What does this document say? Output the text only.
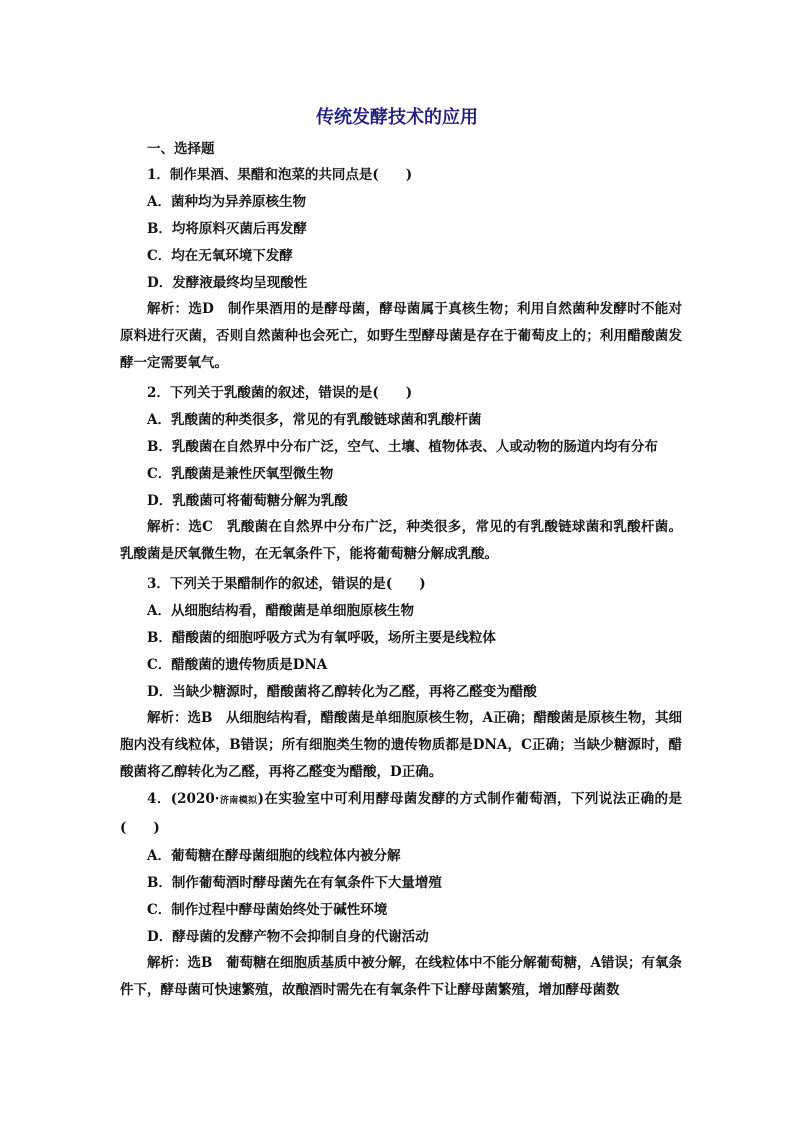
传统发酵技术的应用
一、选择题
1．制作果酒、果醋和泡菜的共同点是(　　)
A．菌种均为异养原核生物
B．均将原料灭菌后再发酵
C．均在无氧环境下发酵
D．发酵液最终均呈现酸性
解析：选D　 制作果酒用的是酵母菌，酵母菌属于真核生物；利用自然菌种发酵时不能对原料进行灭菌，否则自然菌种也会死亡，如野生型酵母菌是存在于葡萄皮上的；利用醋酸菌发酵一定需要氧气。
2．下列关于乳酸菌的叙述，错误的是(　　)
A．乳酸菌的种类很多，常见的有乳酸链球菌和乳酸杆菌
B．乳酸菌在自然界中分布广泛，空气、土壤、植物体表、人或动物的肠道内均有分布
C．乳酸菌是兼性厌氧型微生物
D．乳酸菌可将葡萄糖分解为乳酸
解析：选C　 乳酸菌在自然界中分布广泛，种类很多，常见的有乳酸链球菌和乳酸杆菌。乳酸菌是厌氧微生物，在无氧条件下，能将葡萄糖分解成乳酸。
3．下列关于果醋制作的叙述，错误的是(　　)
A．从细胞结构看，醋酸菌是单细胞原核生物
B．醋酸菌的细胞呼吸方式为有氧呼吸，场所主要是线粒体
C．醋酸菌的遗传物质是DNA
D．当缺少糖源时，醋酸菌将乙醇转化为乙醛，再将乙醛变为醋酸
解析：选B　 从细胞结构看，醋酸菌是单细胞原核生物，A正确；醋酸菌是原核生物，其细胞内没有线粒体，B错误；所有细胞类生物的遗传物质都是DNA，C正确；当缺少糖源时，醋酸菌将乙醇转化为乙醛，再将乙醛变为醋酸，D正确。
4．(2020·济南模拟)在实验室中可利用酵母菌发酵的方式制作葡萄酒，下列说法正确的是(　　)
A．葡萄糖在酵母菌细胞的线粒体内被分解
B．制作葡萄酒时酵母菌先在有氧条件下大量增殖
C．制作过程中酵母菌始终处于碱性环境
D．酵母菌的发酵产物不会抑制自身的代谢活动
解析：选B　 葡萄糖在细胞质基质中被分解，在线粒体中不能分解葡萄糖，A错误；有氧条件下，酵母菌可快速繁殖，故酿酒时需先在有氧条件下让酵母菌繁殖，增加酵母菌数
